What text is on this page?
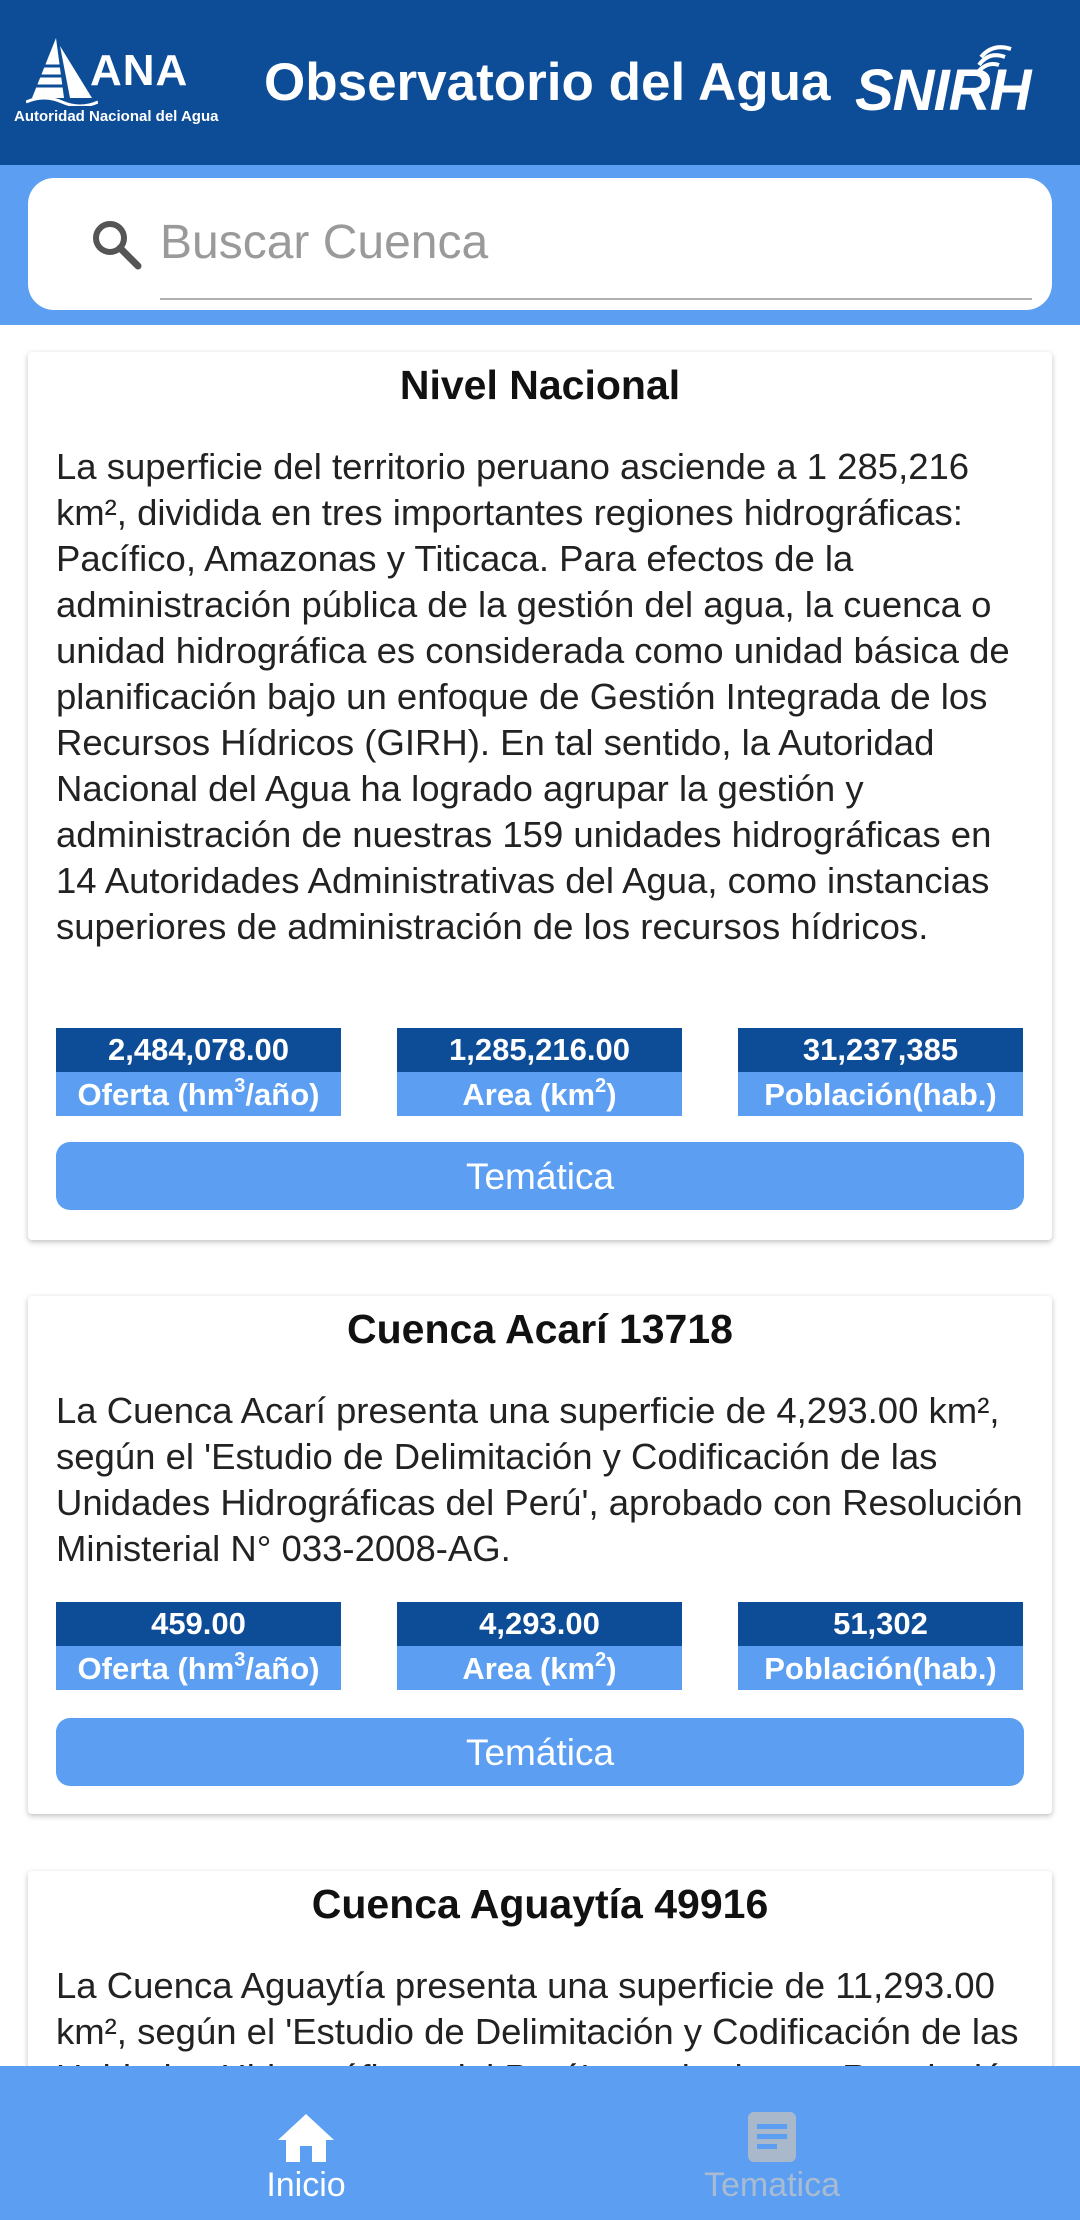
ANA
Autoridad Nacional del Agua
Observatorio del Agua SNIRH
Buscar Cuenca
Nivel Nacional
La superficie del territorio peruano asciende a 1 285,216 km², dividida en tres importantes regiones hidrográficas: Pacífico, Amazonas y Titicaca. Para efectos de la administración pública de la gestión del agua, la cuenca o unidad hidrográfica es considerada como unidad básica de planificación bajo un enfoque de Gestión Integrada de los Recursos Hídricos (GIRH). En tal sentido, la Autoridad Nacional del Agua ha logrado agrupar la gestión y administración de nuestras 159 unidades hidrográficas en 14 Autoridades Administrativas del Agua, como instancias superiores de administración de los recursos hídricos.
2,484,078.00
Oferta $(hm^3/año)$
1,285,216.00
Area $(km^2)$
31,237,385
Población(hab.)
Temática
Cuenca Acarí 13718
La Cuenca Acarí presenta una superficie de 4,293.00 km², según el 'Estudio de Delimitación y Codificación de las Unidades Hidrográficas del Perú', aprobado con Resolución Ministerial N° 033-2008-AG.
459.00
Oferta $(hm^3/año)$
4,293.00
Area $(km^2)$
51,302
Población(hab.)
Temática
Cuenca Aguaytía 49916
La Cuenca Aguaytía presenta una superficie de 11,293.00 km², según el 'Estudio de Delimitación y Codificación de las
Inicio	Tematica
